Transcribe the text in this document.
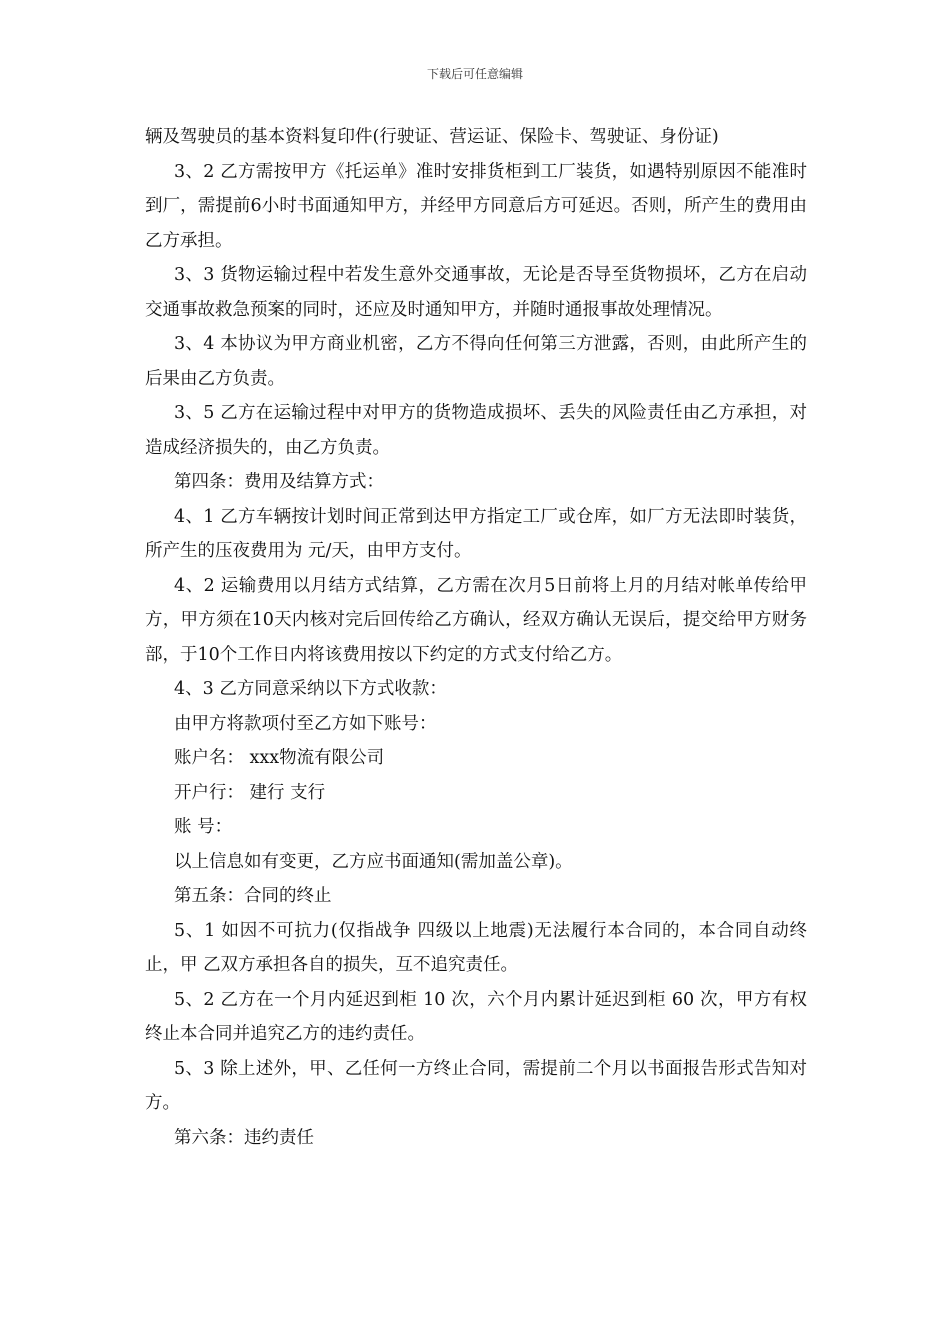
下载后可任意编辑

辆及驾驶员的基本资料复印件(行驶证、营运证、保险卡、驾驶证、身份证)

3、2 乙方需按甲方《托运单》准时安排货柜到工厂装货，如遇特别原因不能准时到厂，需提前6小时书面通知甲方，并经甲方同意后方可延迟。否则，所产生的费用由乙方承担。

3、3 货物运输过程中若发生意外交通事故，无论是否导至货物损坏，乙方在启动交通事故救急预案的同时，还应及时通知甲方，并随时通报事故处理情况。

3、4 本协议为甲方商业机密，乙方不得向任何第三方泄露，否则，由此所产生的后果由乙方负责。

3、5 乙方在运输过程中对甲方的货物造成损坏、丢失的风险责任由乙方承担，对造成经济损失的，由乙方负责。

第四条：费用及结算方式：

4、1 乙方车辆按计划时间正常到达甲方指定工厂或仓库，如厂方无法即时装货，所产生的压夜费用为 元/天，由甲方支付。

4、2 运输费用以月结方式结算，乙方需在次月5日前将上月的月结对帐单传给甲方，甲方须在10天内核对完后回传给乙方确认，经双方确认无误后，提交给甲方财务部，于10个工作日内将该费用按以下约定的方式支付给乙方。

4、3 乙方同意采纳以下方式收款：

由甲方将款项付至乙方如下账号：

账户名： xxx物流有限公司

开户行： 建行 支行

账 号：

以上信息如有变更，乙方应书面通知(需加盖公章)。

第五条：合同的终止

5、1 如因不可抗力(仅指战争 四级以上地震)无法履行本合同的，本合同自动终止，甲 乙双方承担各自的损失，互不追究责任。

5、2 乙方在一个月内延迟到柜 10 次，六个月内累计延迟到柜 60 次，甲方有权终止本合同并追究乙方的违约责任。

5、3 除上述外，甲、乙任何一方终止合同，需提前二个月以书面报告形式告知对方。

第六条：违约责任
